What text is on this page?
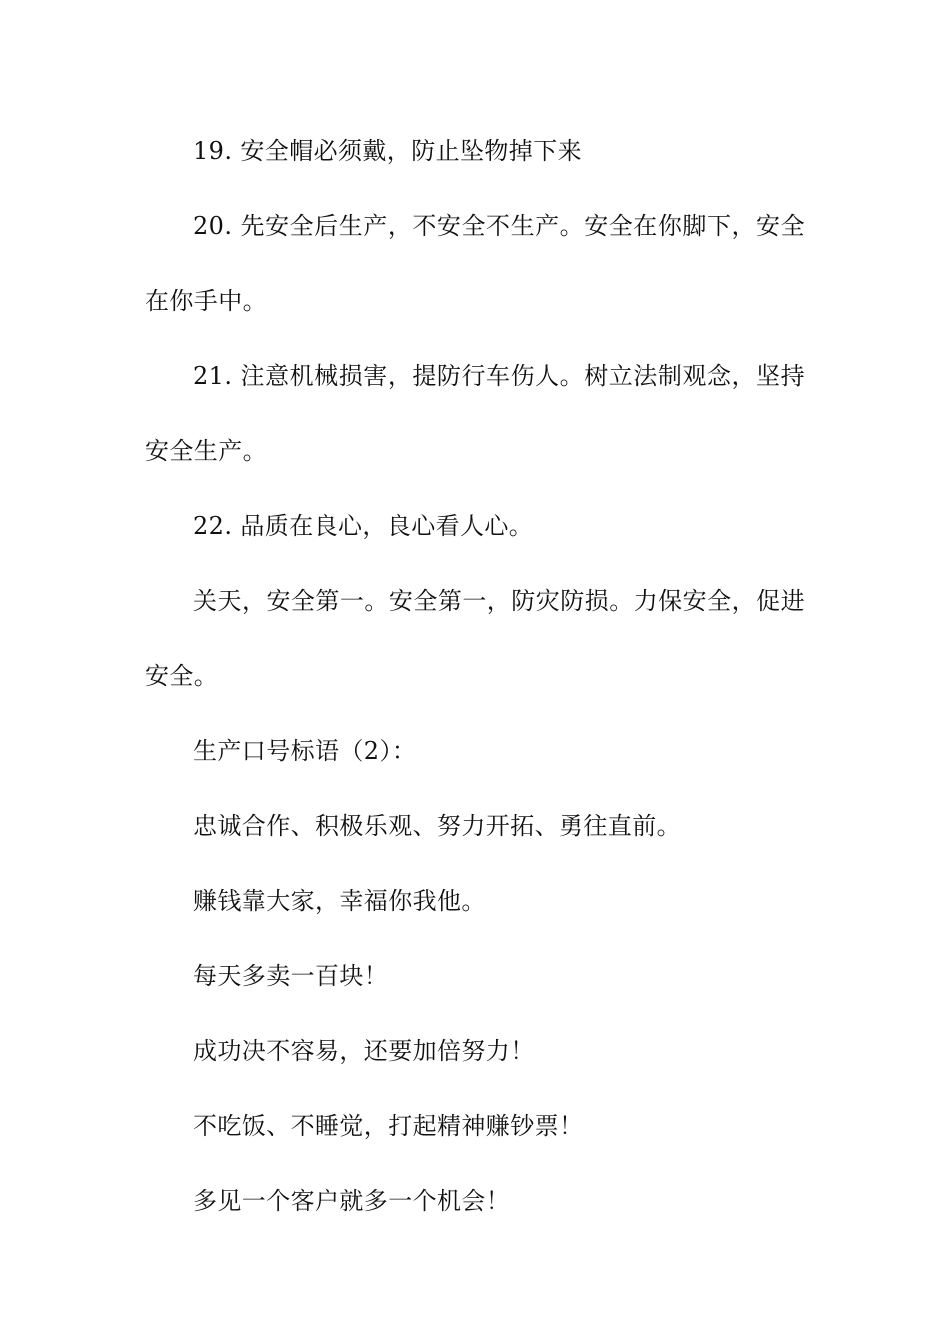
19. 安全帽必须戴，防止坠物掉下来

20. 先安全后生产，不安全不生产。安全在你脚下，安全在你手中。

21. 注意机械损害，提防行车伤人。树立法制观念，坚持安全生产。

22. 品质在良心，良心看人心。

关天，安全第一。安全第一，防灾防损。力保安全，促进安全。

生产口号标语（2）：

忠诚合作、积极乐观、努力开拓、勇往直前。

赚钱靠大家，幸福你我他。

每天多卖一百块！

成功决不容易，还要加倍努力！

不吃饭、不睡觉，打起精神赚钞票！

多见一个客户就多一个机会！
